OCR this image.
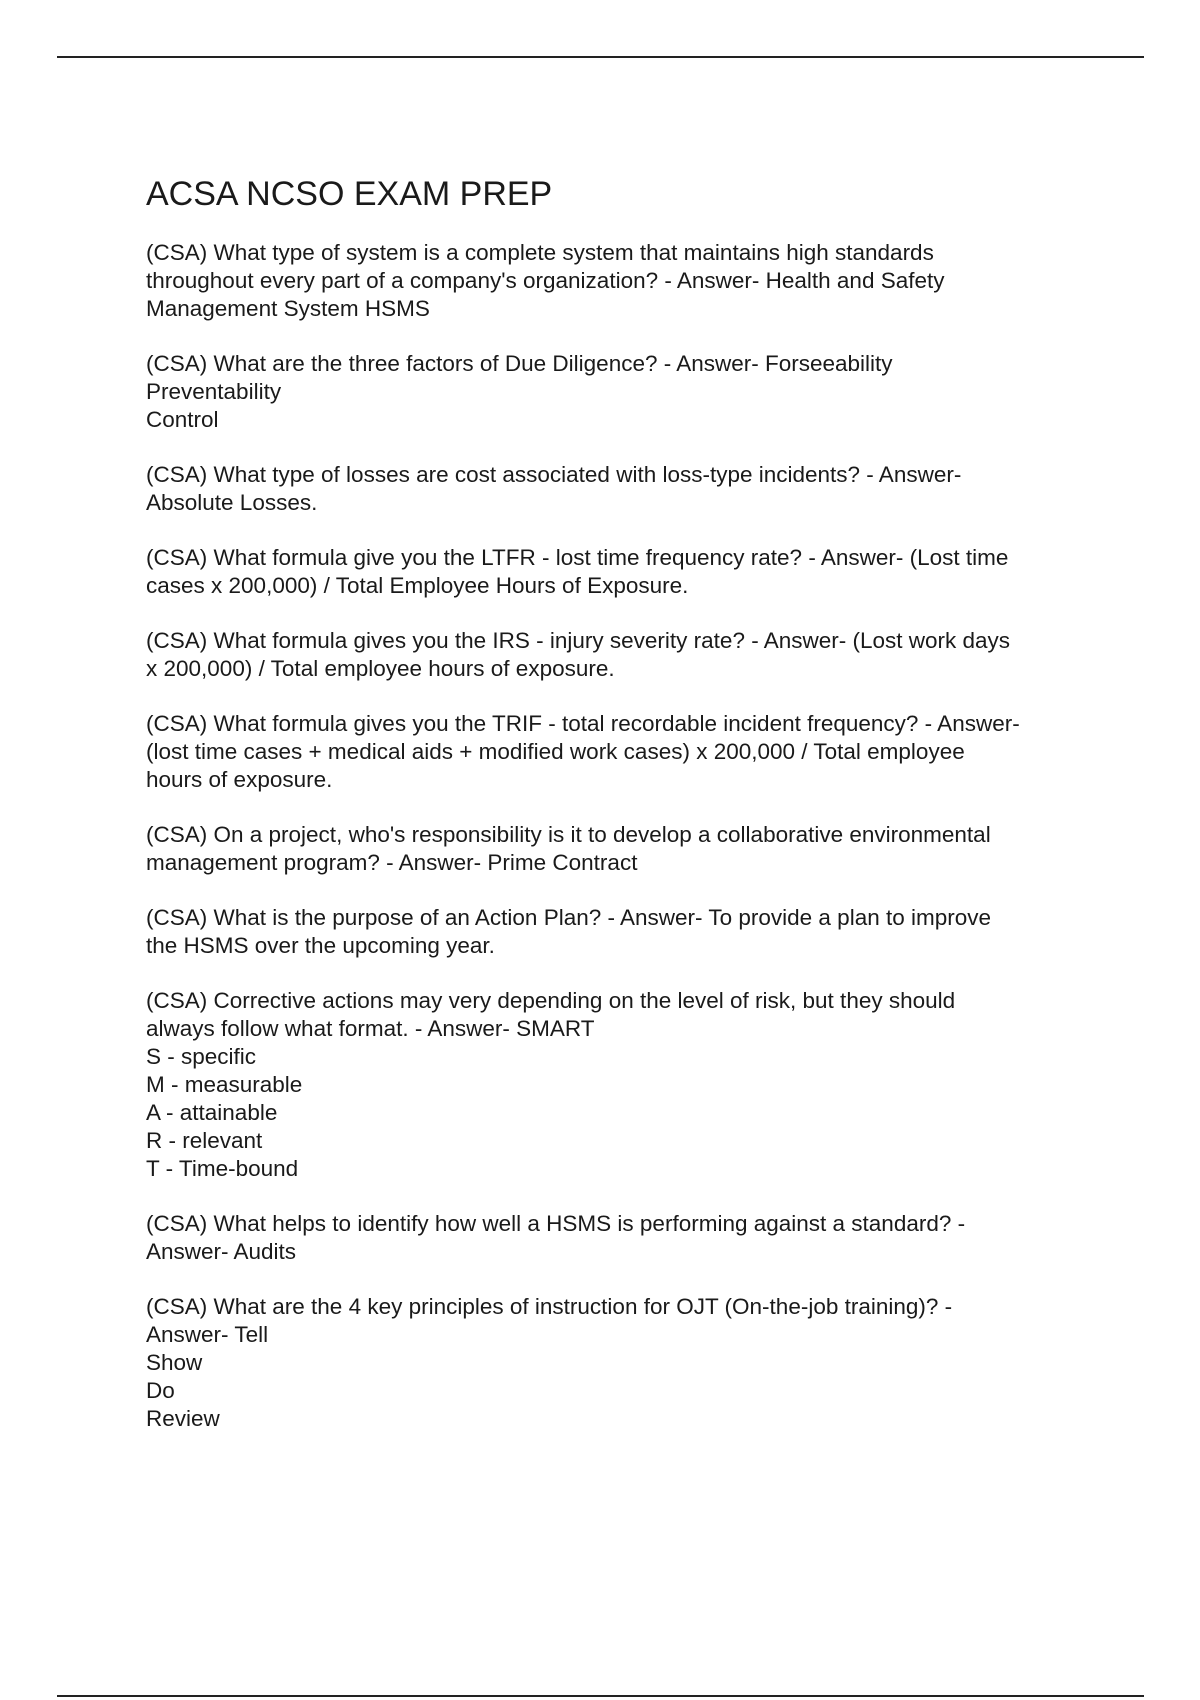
ACSA NCSO EXAM PREP

(CSA) What type of system is a complete system that maintains high standards
throughout every part of a company's organization? - Answer- Health and Safety
Management System HSMS

(CSA) What are the three factors of Due Diligence? - Answer- Forseeability
Preventability
Control

(CSA) What type of losses are cost associated with loss-type incidents? - Answer-
Absolute Losses.

(CSA) What formula give you the LTFR - lost time frequency rate? - Answer- (Lost time
cases x 200,000) / Total Employee Hours of Exposure.

(CSA) What formula gives you the IRS - injury severity rate? - Answer- (Lost work days
x 200,000) / Total employee hours of exposure.

(CSA) What formula gives you the TRIF - total recordable incident frequency? - Answer-
(lost time cases + medical aids + modified work cases) x 200,000 / Total employee
hours of exposure.

(CSA) On a project, who's responsibility is it to develop a collaborative environmental
management program? - Answer- Prime Contract

(CSA) What is the purpose of an Action Plan? - Answer- To provide a plan to improve
the HSMS over the upcoming year.

(CSA) Corrective actions may very depending on the level of risk, but they should
always follow what format. - Answer- SMART
S - specific
M - measurable
A - attainable
R - relevant
T - Time-bound

(CSA) What helps to identify how well a HSMS is performing against a standard? -
Answer- Audits

(CSA) What are the 4 key principles of instruction for OJT (On-the-job training)? -
Answer- Tell
Show
Do
Review
